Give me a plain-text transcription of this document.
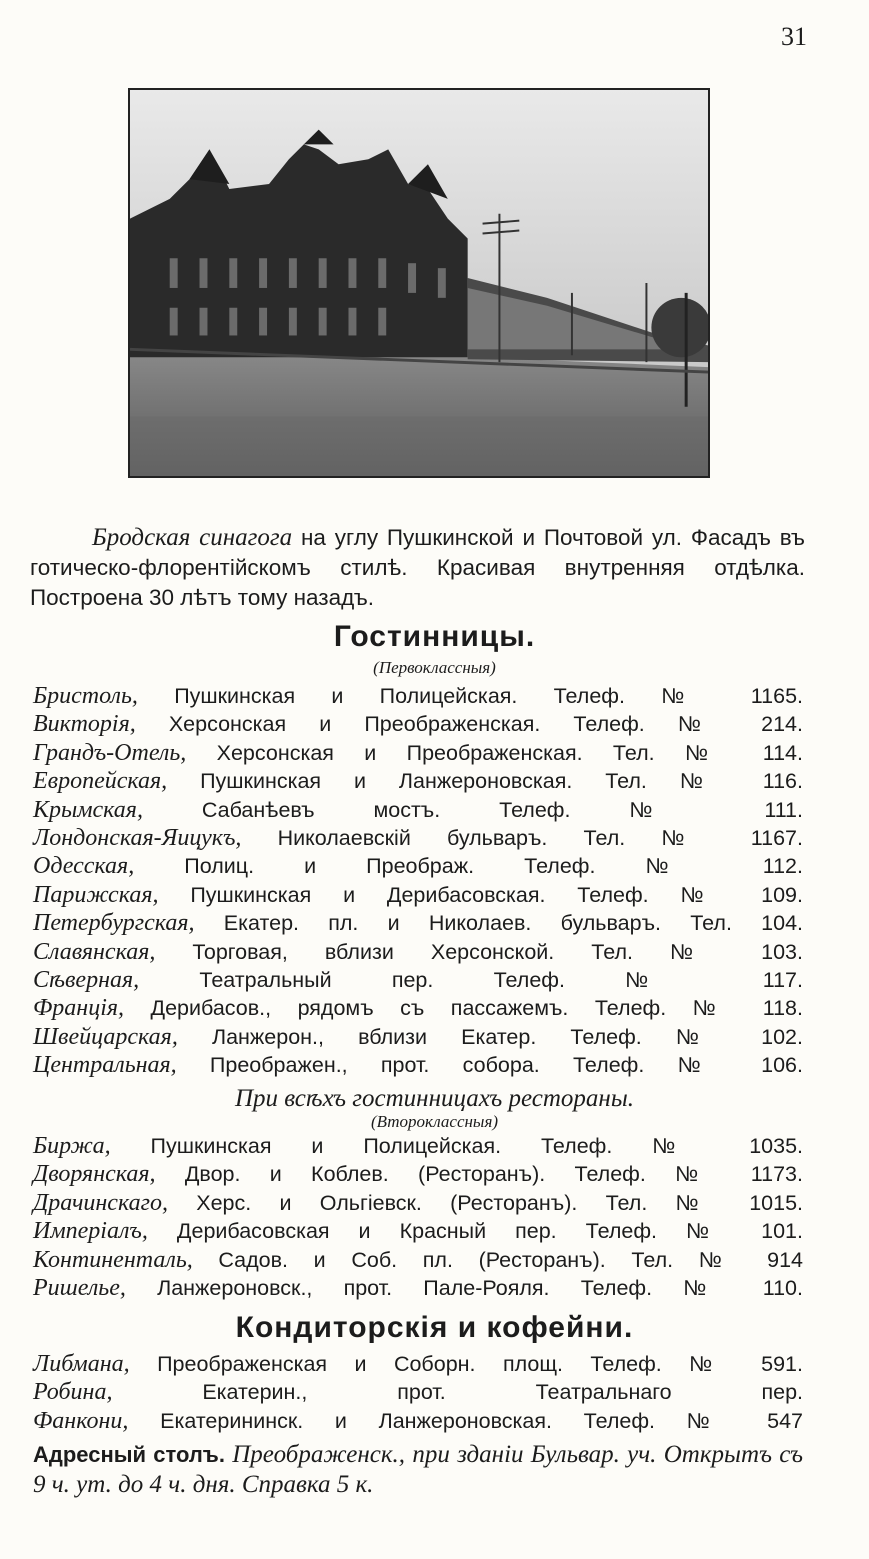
31
Бродская синагога на углу Пушкинской и Почтовой ул. Фасадъ въ готическо-флорентiйскомъ стилѣ. Красивая внутренняя отдѣлка. Построена 30 лѣтъ тому назадъ.
Гостинницы.
(Первоклассныя)
Бристоль, Пушкинская и Полицейская. Телеф. № 1165.
Викторiя, Херсонская и Преображенская. Телеф. № 214.
Грандъ-Отель, Херсонская и Преображенская. Тел. № 114.
Европейская, Пушкинская и Ланжероновская. Тел. № 116.
Крымская,	Сабанѣевъ мостъ. Телеф. № 111.
Лондонская-Яицукъ, Николаевскiй бульваръ. Тел. № 1167.
Одесская, Полиц. и Преображ. Телеф. № 112.
Парижская, Пушкинская и Дерибасовская. Телеф. № 109.
Петербургская, Екатер. пл. и Николаев. бульваръ. Тел. 104.
Славянская, Торговая, вблизи Херсонской. Тел. № 103.
Сѣверная,	Театральный пер. Телеф. № 117.
Францiя, Дерибасов., рядомъ съ пассажемъ. Телеф. № 118.
Швейцарская, Ланжерон., вблизи Екатер. Телеф. № 102.
Центральная, Преображен., прот. собора. Телеф. № 106.
При всѣхъ гостинницахъ рестораны.
(Второклассныя)
Биржа, Пушкинская и Полицейская. Телеф. № 1035.
Дворянская, Двор. и Коблев. (Ресторанъ). Телеф. № 1173.
Драчинскаго, Херс. и Ольгiевск. (Ресторанъ). Тел. № 1015.
Имперiалъ, Дерибасовская и Красный пер. Телеф. № 101.
Континенталь, Садов. и Соб. пл. (Ресторанъ). Тел. № 914
Ришелье, Ланжероновск., прот. Пале-Рояля. Телеф. № 110.
Кондиторскiя и кофейни.
Либмана, Преображенская и Соборн. площ. Телеф. № 591.
Робина,	Екатерин., прот. Театральнаго пер.
Фанкони, Екатерининск. и Ланжероновская. Телеф. № 547
Адресный столъ. Преображенск., при зданiи Бульвар. уч. Открытъ съ 9 ч. ут. до 4 ч. дня. Справка 5 к.
